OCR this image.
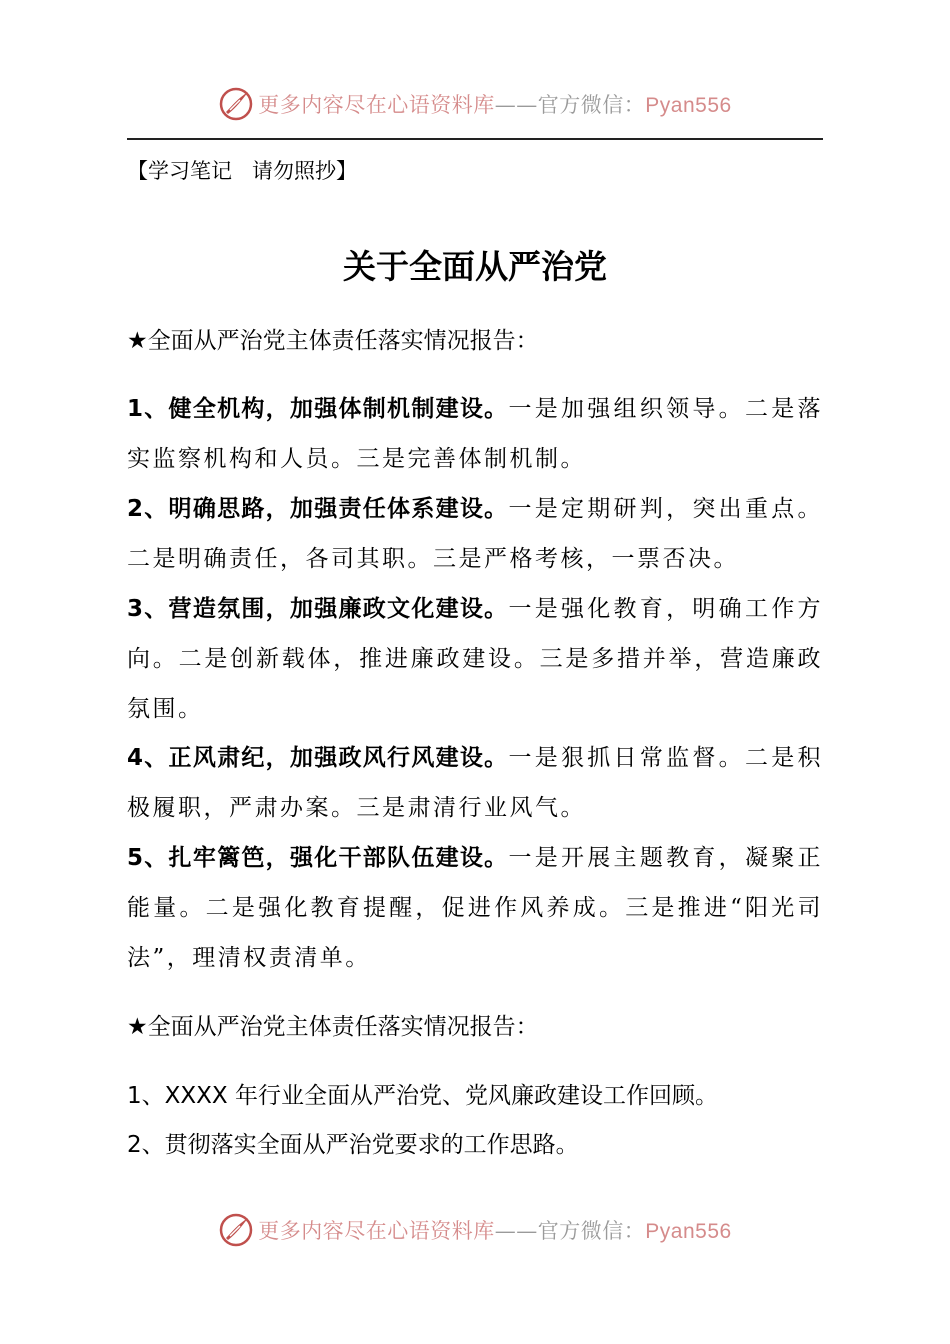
更多内容尽在心语资料库——官方微信：Pyan556
【学习笔记   请勿照抄】
关于全面从严治党
★全面从严治党主体责任落实情况报告：

1、健全机构，加强体制机制建设。一是加强组织领导。二是落实监察机构和人员。三是完善体制机制。

2、明确思路，加强责任体系建设。一是定期研判，突出重点。二是明确责任，各司其职。三是严格考核，一票否决。

3、营造氛围，加强廉政文化建设。一是强化教育，明确工作方向。二是创新载体，推进廉政建设。三是多措并举，营造廉政氛围。

4、正风肃纪，加强政风行风建设。一是狠抓日常监督。二是积极履职，严肃办案。三是肃清行业风气。

5、扎牢篱笆，强化干部队伍建设。一是开展主题教育，凝聚正能量。二是强化教育提醒，促进作风养成。三是推进“阳光司法”，理清权责清单。

★全面从严治党主体责任落实情况报告：
1、XXXX 年行业全面从严治党、党风廉政建设工作回顾。
2、贯彻落实全面从严治党要求的工作思路。
更多内容尽在心语资料库——官方微信：Pyan556
